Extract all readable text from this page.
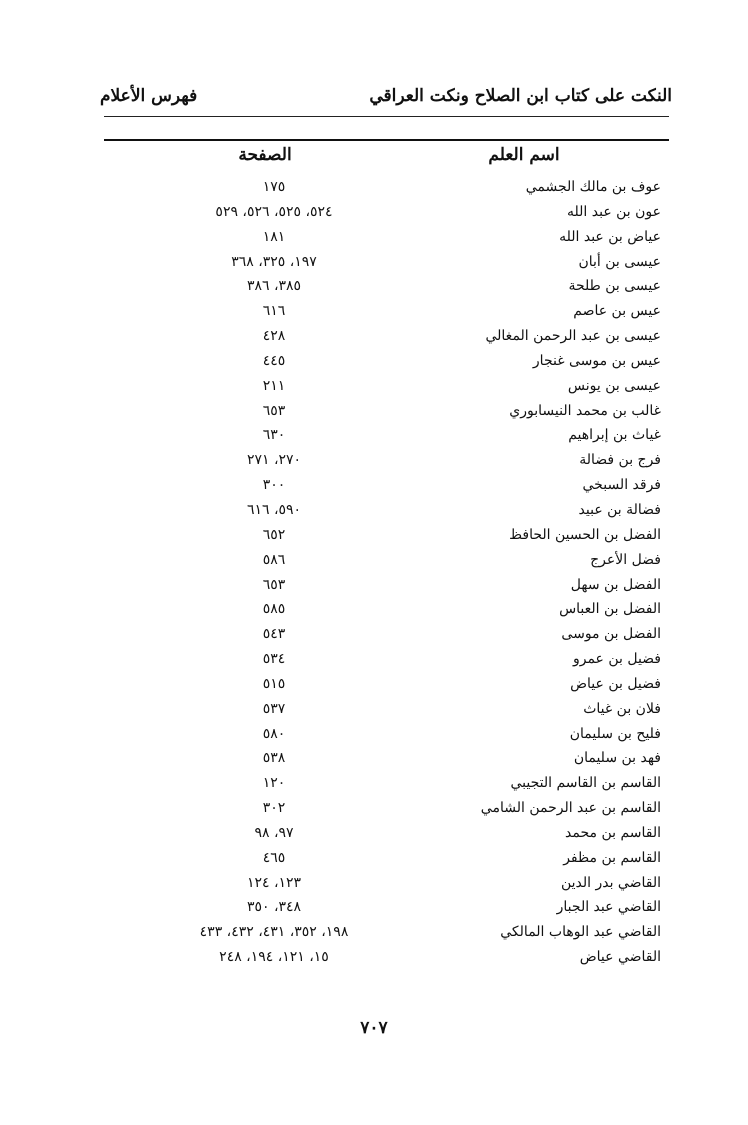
النكت على كتاب ابن الصلاح ونكت العراقي
فهرس الأعلام
اسم العلم
الصفحة
عوف بن مالك الجشمي
١٧٥
عون بن عبد الله
٥٢٤، ٥٢٥، ٥٢٦، ٥٢٩
عياض بن عبد الله
١٨١
عيسى بن أبان
١٩٧، ٣٢٥، ٣٦٨
عيسى بن طلحة
٣٨٥، ٣٨٦
عيس بن عاصم
٦١٦
عيسى بن عبد الرحمن المغالي
٤٢٨
عيس بن موسى غنجار
٤٤٥
عيسى بن يونس
٢١١
غالب بن محمد النيسابوري
٦٥٣
غياث بن إبراهيم
٦٣٠
فرج بن فضالة
٢٧٠، ٢٧١
فرقد السبخي
٣٠٠
فضالة بن عبيد
٥٩٠، ٦١٦
الفضل بن الحسين الحافظ
٦٥٢
فضل الأعرج
٥٨٦
الفضل بن سهل
٦٥٣
الفضل بن العباس
٥٨٥
الفضل بن موسى
٥٤٣
فضيل بن عمرو
٥٣٤
فضيل بن عياض
٥١٥
فلان بن غياث
٥٣٧
فليح بن سليمان
٥٨٠
فهد بن سليمان
٥٣٨
القاسم بن القاسم التجيبي
١٢٠
القاسم بن عبد الرحمن الشامي
٣٠٢
القاسم بن محمد
٩٧، ٩٨
القاسم بن مظفر
٤٦٥
القاضي بدر الدين
١٢٣، ١٢٤
القاضي عبد الجبار
٣٤٨، ٣٥٠
القاضي عبد الوهاب المالكي
١٩٨، ٣٥٢، ٤٣١، ٤٣٢، ٤٣٣
القاضي عياض
١٥، ١٢١، ١٩٤، ٢٤٨
٧٠٧
